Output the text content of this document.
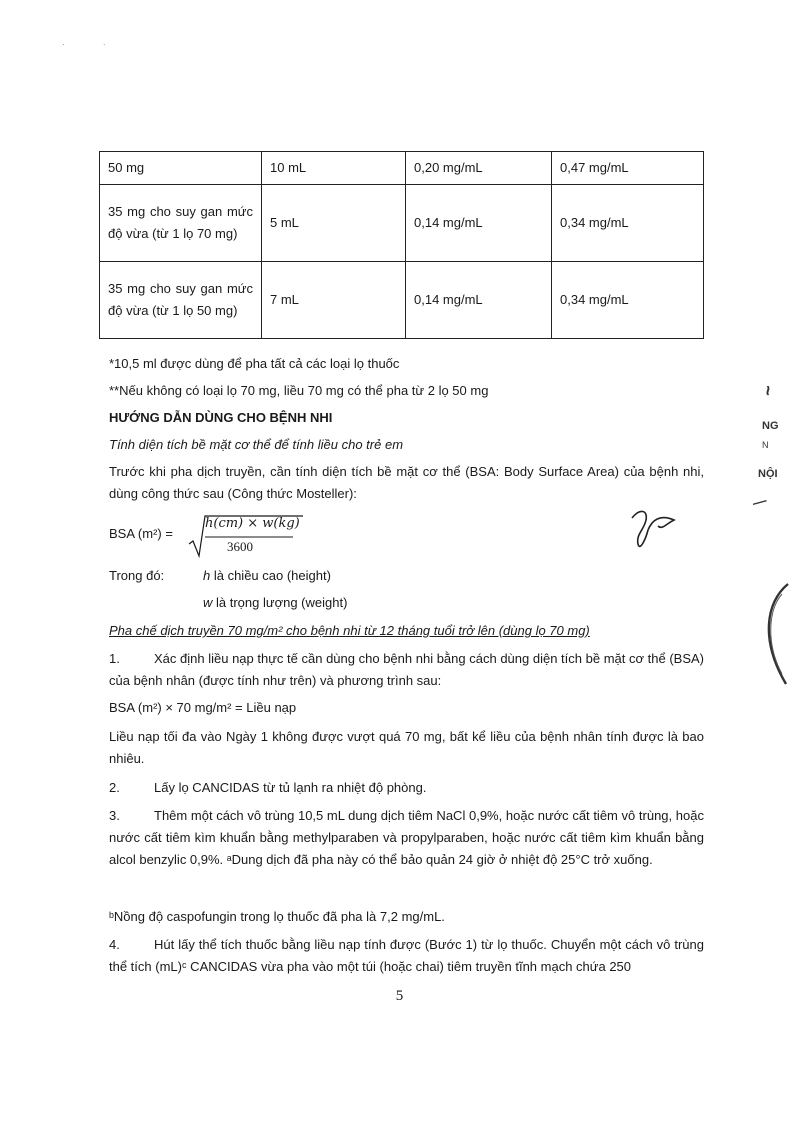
· ·
50 mg	10 mL	0,20 mg/mL	0,47 mg/mL
35 mg cho suy gan mức độ vừa (từ 1 lọ 70 mg)	5 mL	0,14 mg/mL	0,34 mg/mL
35 mg cho suy gan mức độ vừa (từ 1 lọ 50 mg)	7 mL	0,14 mg/mL	0,34 mg/mL

*10,5 ml được dùng để pha tất cả các loại lọ thuốc

**Nếu không có loại lọ 70 mg, liều 70 mg có thể pha từ 2 lọ 50 mg

HƯỚNG DẪN DÙNG CHO BỆNH NHI

Tính diện tích bề mặt cơ thể để tính liều cho trẻ em

Trước khi pha dịch truyền, cần tính diện tích bề mặt cơ thể (BSA: Body Surface Area) của bệnh nhi, dùng công thức sau (Công thức Mosteller):

BSA (m²) =
h(cm) × w(kg)
3600
Trong đó:	h là chiều cao (height)
w là trọng lượng (weight)

Pha chế dịch truyền 70 mg/m² cho bệnh nhi từ 12 tháng tuổi trở lên (dùng lọ 70 mg)

1.	Xác định liều nạp thực tế cần dùng cho bệnh nhi bằng cách dùng diện tích bề mặt cơ thể (BSA) của bệnh nhân (được tính như trên) và phương trình sau:

BSA (m²) × 70 mg/m² = Liều nạp

Liều nạp tối đa vào Ngày 1 không được vượt quá 70 mg, bất kể liều của bệnh nhân tính được là bao nhiêu.

2.	Lấy lọ CANCIDAS từ tủ lạnh ra nhiệt độ phòng.

3.	Thêm một cách vô trùng 10,5 mL dung dịch tiêm NaCl 0,9%, hoặc nước cất tiêm vô trùng, hoặc nước cất tiêm kìm khuẩn bằng methylparaben và propylparaben, hoặc nước cất tiêm kìm khuẩn bằng alcol benzylic 0,9%. ᵃDung dịch đã pha này có thể bảo quản 24 giờ ở nhiệt độ 25°C trở xuống.

ᵇNồng độ caspofungin trong lọ thuốc đã pha là 7,2 mg/mL.

4.	Hút lấy thể tích thuốc bằng liều nạp tính được (Bước 1) từ lọ thuốc. Chuyển một cách vô trùng thể tích (mL)ᶜ CANCIDAS vừa pha vào một túi (hoặc chai) tiêm truyền tĩnh mạch chứa 250

5
~
NG
N
NỘI
\
